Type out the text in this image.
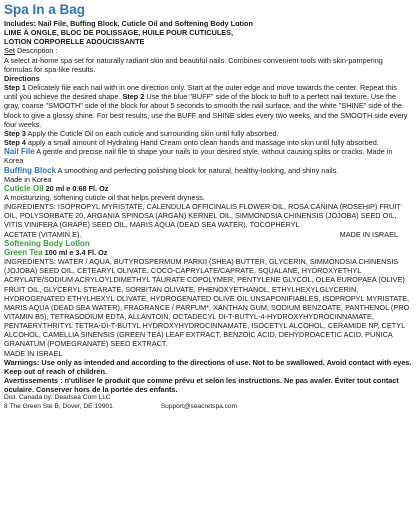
Spa In a Bag

Includes: Nail File, Buffing Block, Cuticle Oil and Softening Body Lotion

LIME À ONGLE, BLOC DE POLISSAGE, HUILE POUR CUTICULES,

LOTION CORPORELLE ADOUCISSANTE

Set Description :

A select at-home spa set for naturally radiant skin and beautiful nails. Combines convenient tools with skin-pampering formulas for spa-like results.

Directions

Step 1 Delicately file each nail with in one direction only. Start at the outer edge and move towards the center. Repeat this until you achieve the desired shape. Step 2 Use the blue "BUFF" side of the block to buff to a perfect nail texture. Use the gray, coarse "SMOOTH" side of the block for about 5 seconds to smooth the nail surface, and the white "SHINE" side of the block to give a glossy shine. For best results, use the BUFF and SHINE sides every two weeks, and the SMOOTH side every four weeks.

Step 3 Apply the Cuticle Oil on each cuticle and surrounding skin until fully absorbed.

Step 4 apply a small amount of Hydrating Hand Cream onto clean hands and massage into skin until fully absorbed.

Nail File A gentle and precise nail file to shape your nails to your desired style, without causing splits or cracks. Made in Korea

Buffing Block A smoothing and perfecting polishing block for natural, healthy-looking, and shiny nails.

Made in Korea

Cuticle Oil 20 ml e 0.68 Fl. Oz

A moisturizing, softening cuticle oil that helps prevent dryness.

INGREDIENTS: ISOPROPYL MYRISTATE, CALENDULA OFFICINALIS FLOWER OIL, ROSA CANINA (ROSEHIP) FRUIT OIL, POLYSORBATE 20, ARGANIA SPINOSA (ARGAN) KERNEL OIL, SIMMONDSIA CHINENSIS (JOJOBA) SEED OIL, VITIS VINIFERA (GRAPE) SEED OIL, MARIS AQUA (DEAD SEA WATER), TOCOPHERYL

ACETATE (VITAMIN E).	MADE IN ISRAEL

Softening Body Lotion

Green Tea 100 ml e 3.4 Fl. Oz

INGREDIENTS: WATER / AQUA, BUTYROSPERMUM PARKII (SHEA) BUTTER, GLYCERIN, SIMMONDSIA CHINENSIS (JOJOBA) SEED OIL, CETEARYL OLIVATE, COCO-CAPRYLATE/CAPRATE, SQUALANE, HYDROXYETHYL ACRYLATE/SODIUM ACRYLOYLDIMETHYL TAURATE COPOLYMER, PENTYLENE GLYCOL, OLEA EUROPAEA (OLIVE) FRUIT OIL, GLYCERYL STEARATE, SORBITAN OLIVATE, PHENOXYETHANOL, ETHYLHEXYLGLYCERIN, HYDROGENATED ETHYLHEXYL OLIVATE, HYDROGENATED OLIVE OIL UNSAPONIFIABLES, ISOPROPYL MYRISTATE, MARIS AQUA (DEAD SEA WATER), FRAGRANCE / PARFUM*, XANTHAN GUM, SODIUM BENZOATE, PANTHENOL (PRO VITAMIN B5), TETRASODIUM EDTA, ALLANTOIN, OCTADECYL DI-T-BUTYL-4-HYDROXYHYDROCINNAMATE, PENTAERYTHRITYL TETRA-DI-T-BUTYL HYDROXYHYDROCINNAMATE, ISOCETYL ALCOHOL, CERAMIDE NP, CETYL ALCOHOL, CAMELLIA SINENSIS (GREEN TEA) LEAF EXTRACT, BENZOIC ACID, DEHYDROACETIC ACID, PUNICA GRANATUM (POMEGRANATE) SEED EXTRACT.

MADE IN ISRAEL

Warnings: Use only as intended and according to the directions of use. Not to be swallowed. Avoid contact with eyes. Keep out of reach of children.

Avertissements : n'utiliser le produit que comme prévu et selon les instructions. Ne pas avaler. Éviter tout contact oculaire. Conserver hors de la portée des enfants.

Dist. Canada by: Deadsea Com LLC

8 The Green Ste B, Dover, DE 19901	Support@seacretspa.com
